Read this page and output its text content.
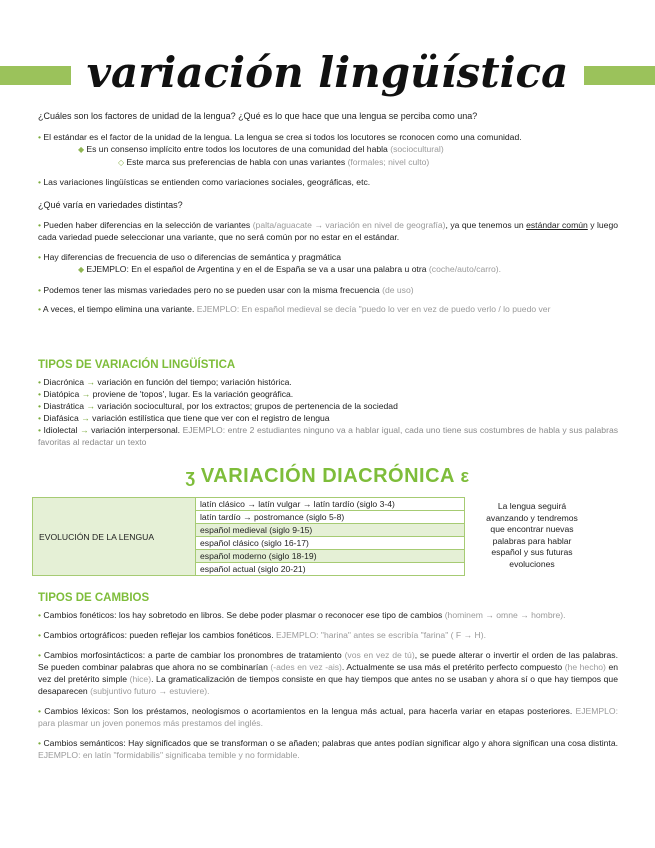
variación lingüística

¿Cuáles son los factores de unidad de la lengua? ¿Qué es lo que hace que una lengua se perciba como una?

• El estándar es el factor de la unidad de la lengua. La lengua se crea si todos los locutores se rconocen como una comunidad.

◆ Es un consenso implícito entre todos los locutores de una comunidad del habla (sociocultural)

◇ Este marca sus preferencias de habla con unas variantes (formales; nivel culto)

• Las variaciones lingüísticas se entienden como variaciones sociales, geográficas, etc.

¿Qué varía en variedades distintas?

• Pueden haber diferencias en la selección de variantes (palta/aguacate → variación en nivel de geografía), ya que tenemos un estándar común y luego cada variedad puede seleccionar una variante, que no será común por no estar en el estándar.

• Hay diferencias de frecuencia de uso o diferencias de semántica y pragmática

◆ EJEMPLO: En el español de Argentina y en el de España se va a usar una palabra u otra (coche/auto/carro).

• Podemos tener las mismas variedades pero no se pueden usar con la misma frecuencia (de uso)

• A veces, el tiempo elimina una variante. EJEMPLO: En español medieval se decía "puedo lo ver en vez de puedo verlo / lo puedo ver

TIPOS DE VARIACIÓN LINGÜÍSTICA

• Diacrónica → variación en función del tiempo; variación histórica.

• Diatópica → proviene de 'topos', lugar. Es la variación geográfica.

• Diastrática → variación sociocultural, por los extractos; grupos de pertenencia de la sociedad

• Diafásica → variación estilística que tiene que ver con el registro de lengua

• Idiolectal → variación interpersonal. EJEMPLO: entre 2 estudiantes ninguno va a hablar igual, cada uno tiene sus costumbres de habla y sus palabras favoritas al redactar un texto

ʒ VARIACIÓN DIACRÓNICA ε
EVOLUCIÓN DE LA LENGUA	latín clásico → latín vulgar → latín tardío (siglo 3-4)
latín tardío → postromance (siglo 5-8)
español medieval (siglo 9-15)
español clásico (siglo 16-17)
español moderno (siglo 18-19)
español actual (siglo 20-21)
La lengua seguirá avanzando y tendremos que encontrar nuevas palabras para hablar español y sus futuras evoluciones
TIPOS DE CAMBIOS

• Cambios fonéticos: los hay sobretodo en libros. Se debe poder plasmar o reconocer ese tipo de cambios (hominem → omne → hombre).

• Cambios ortográficos: pueden reflejar los cambios fonéticos. EJEMPLO: "harina" antes se escribía "farina" ( F → H).

• Cambios morfosintácticos: a parte de cambiar los pronombres de tratamiento (vos en vez de tú), se puede alterar o invertir el orden de las palabras. Se pueden combinar palabras que ahora no se combinarían (-ades en vez -ais). Actualmente se usa más el pretérito perfecto compuesto (he hecho) en vez del pretérito simple (hice). La gramaticalización de tiempos consiste en que hay tiempos que antes no se usaban y ahora sí o que hay tiempos que desaparecen (subjuntivo futuro → estuviere).

• Cambios léxicos: Son los préstamos, neologismos o acortamientos en la lengua más actual, para hacerla variar en etapas posteriores. EJEMPLO: para plasmar un joven ponemos más prestamos del inglés.

• Cambios semánticos: Hay significados que se transforman o se añaden; palabras que antes podían significar algo y ahora significan una cosa distinta. EJEMPLO: en latín "formidabilis" significaba temible y no formidable.
